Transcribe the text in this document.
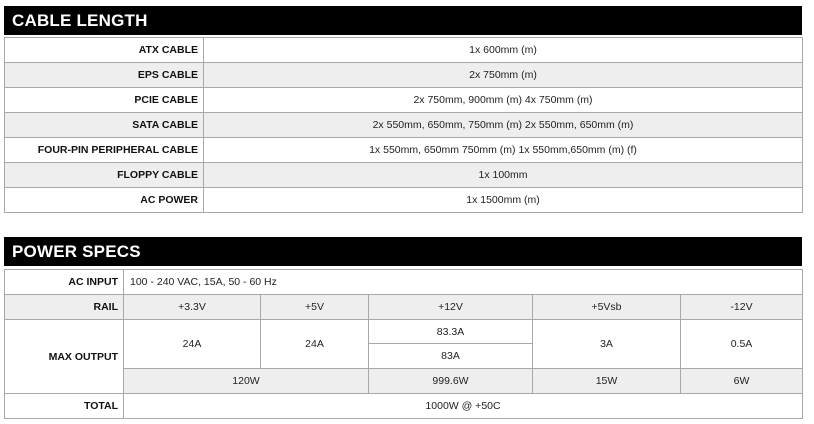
CABLE LENGTH
ATX CABLE	1x 600mm (m)
EPS CABLE	2x 750mm (m)
PCIE CABLE	2x 750mm, 900mm (m) 4x 750mm (m)
SATA CABLE	2x 550mm, 650mm, 750mm (m) 2x 550mm, 650mm (m)
FOUR-PIN PERIPHERAL CABLE	1x 550mm, 650mm 750mm (m) 1x 550mm,650mm (m) (f)
FLOPPY CABLE	1x 100mm
AC POWER	1x 1500mm (m)
POWER SPECS
AC INPUT	100 - 240 VAC, 15A, 50 - 60 Hz				
RAIL	+3.3V	+5V	+12V	+5Vsb	-12V
MAX OUTPUT	24A	24A	83.3A	3A	0.5A
			83A		
	120W		999.6W	15W	6W
TOTAL	1000W @ +50C				
